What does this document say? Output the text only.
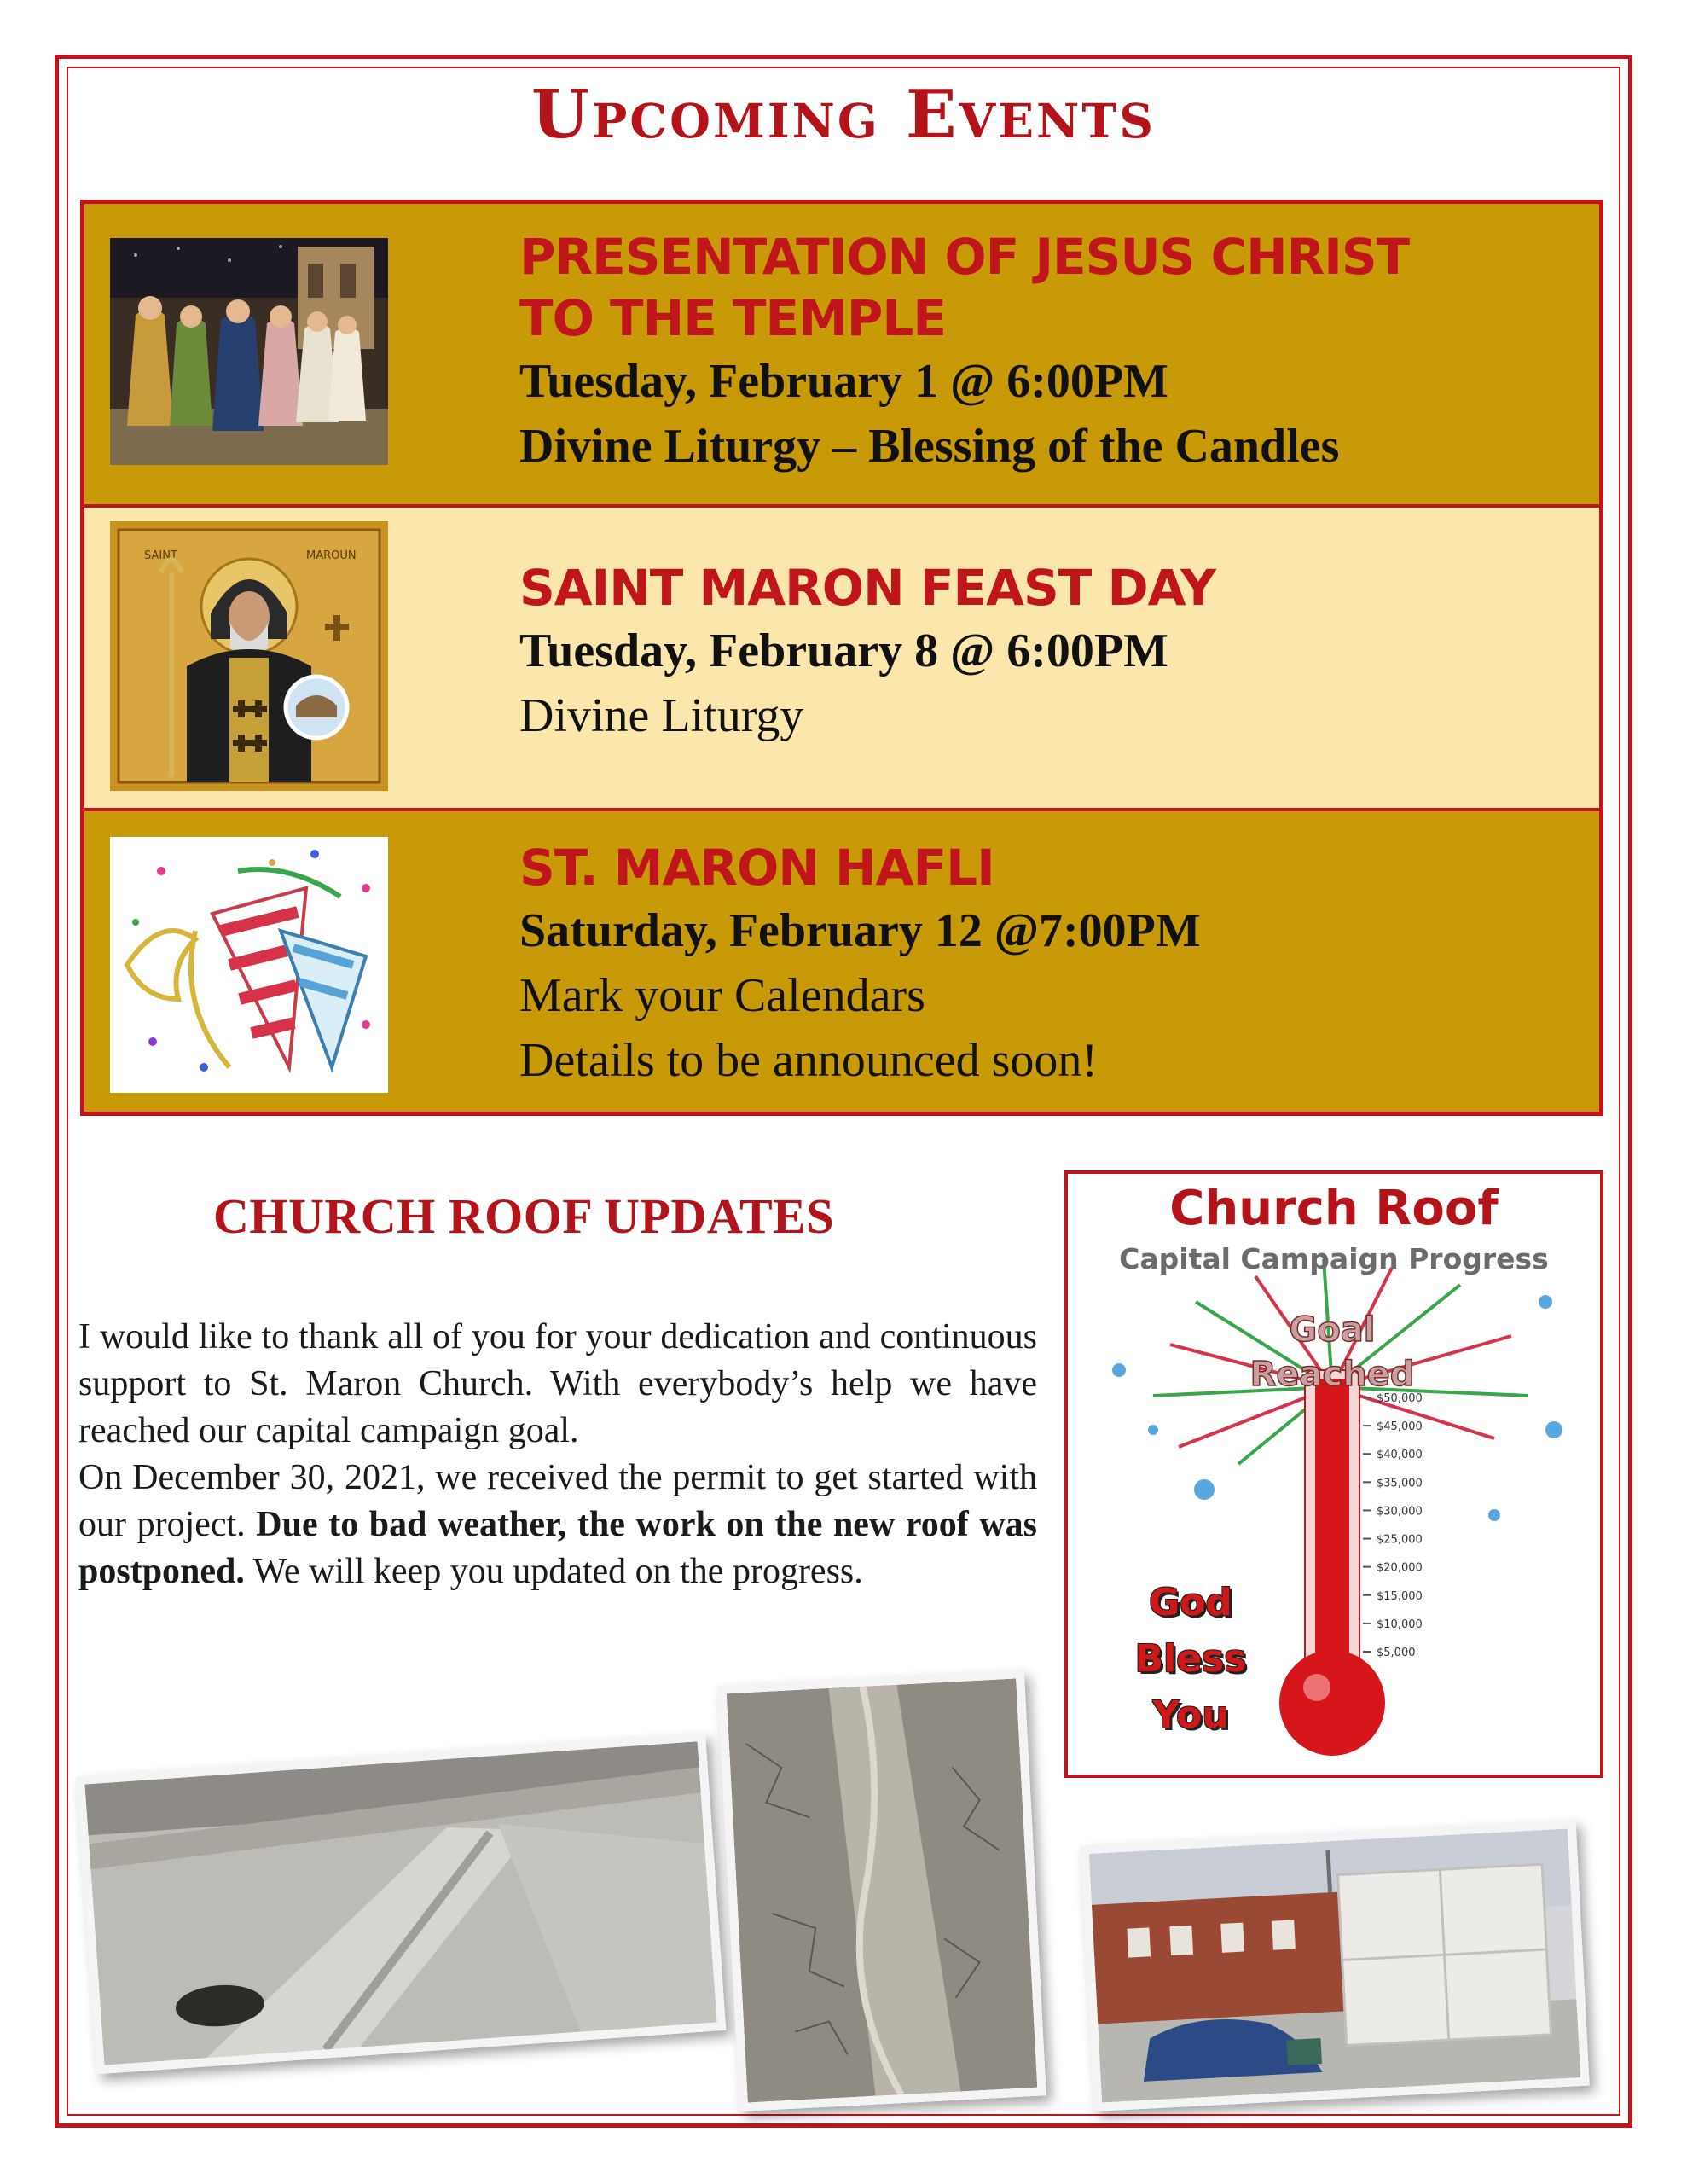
Upcoming Events

PRESENTATION OF JESUS CHRIST

TO THE TEMPLE

Tuesday, February 1 @ 6:00PM

Divine Liturgy – Blessing of the Candles

SAINT	MAROUN

SAINT MARON FEAST DAY

Tuesday, February 8 @ 6:00PM

Divine Liturgy

ST. MARON HAFLI

Saturday, February 12 @7:00PM

Mark your Calendars

Details to be announced soon!

CHURCH ROOF UPDATES

I would like to thank all of you for your dedication and continuous support to St. Maron Church. With everybody’s help we have reached our capital campaign goal.

On December 30, 2021, we received the permit to get started with our project. Due to bad weather, the work on the new roof was postponed. We will keep you updated on the progress.

$50,000
$45,000
$40,000
$35,000
$30,000
$25,000
$20,000
$15,000
$10,000
$5,000
Goal
Reached
Church Roof
Capital Campaign Progress
God
Bless
You
